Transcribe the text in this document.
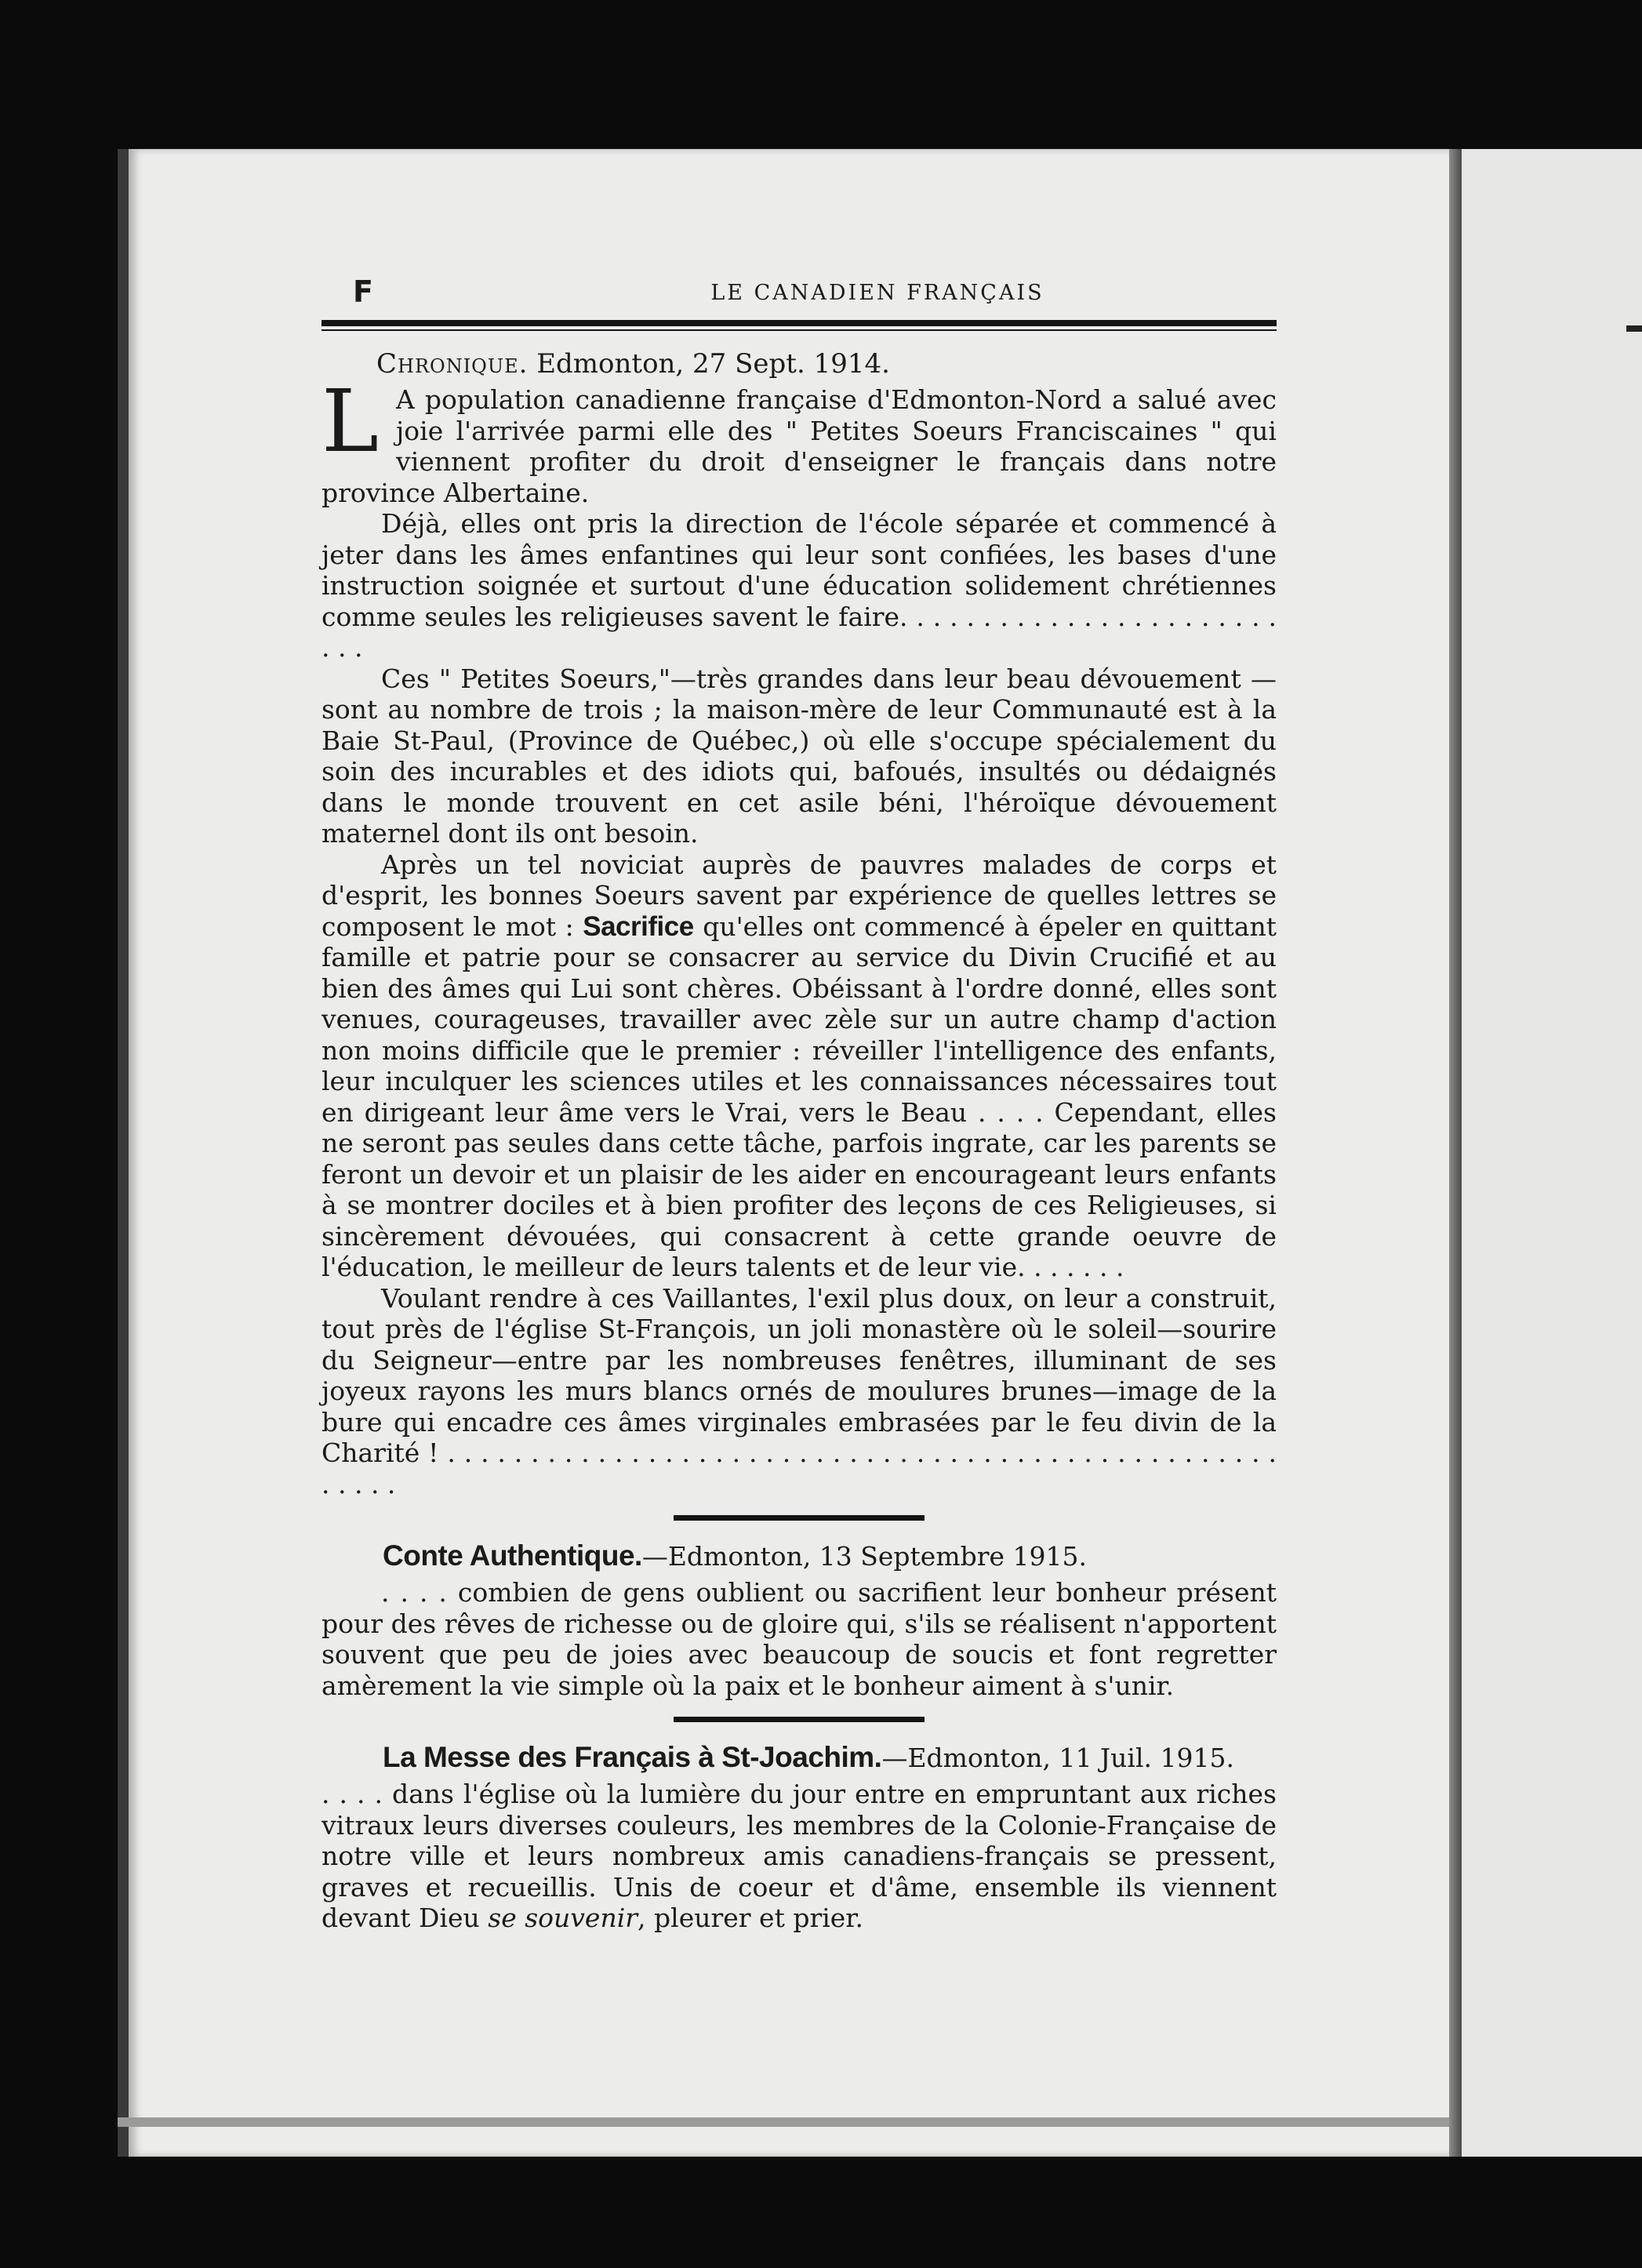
F	LE CANADIEN FRANÇAIS
Chronique. Edmonton, 27 Sept. 1914.

L A population canadienne française d'Edmonton-Nord a salué avec joie l'arrivée parmi elle des " Petites Soeurs Franciscaines " qui viennent profiter du droit d'enseigner le français dans notre province Albertaine.

Déjà, elles ont pris la direction de l'école séparée et commencé à jeter dans les âmes enfantines qui leur sont confiées, les bases d'une instruction soignée et surtout d'une éducation solidement chrétiennes comme seules les religieuses savent le faire. . . . . . . . . . . . . . . . . . . . . . . . . .

Ces " Petites Soeurs,"—très grandes dans leur beau dévouement —sont au nombre de trois ; la maison-mère de leur Communauté est à la Baie St-Paul, (Province de Québec,) où elle s'occupe spécialement du soin des incurables et des idiots qui, bafoués, insultés ou dédaignés dans le monde trouvent en cet asile béni, l'héroïque dévouement maternel dont ils ont besoin.

Après un tel noviciat auprès de pauvres malades de corps et d'esprit, les bonnes Soeurs savent par expérience de quelles lettres se composent le mot : Sacrifice qu'elles ont commencé à épeler en quittant famille et patrie pour se consacrer au service du Divin Crucifié et au bien des âmes qui Lui sont chères. Obéissant à l'ordre donné, elles sont venues, courageuses, travailler avec zèle sur un autre champ d'action non moins difficile que le premier : réveiller l'intelligence des enfants, leur inculquer les sciences utiles et les connaissances nécessaires tout en dirigeant leur âme vers le Vrai, vers le Beau . . . . Cependant, elles ne seront pas seules dans cette tâche, parfois ingrate, car les parents se feront un devoir et un plaisir de les aider en encourageant leurs enfants à se montrer dociles et à bien profiter des leçons de ces Religieuses, si sincèrement dévouées, qui consacrent à cette grande oeuvre de l'éducation, le meilleur de leurs talents et de leur vie. . . . . . .

Voulant rendre à ces Vaillantes, l'exil plus doux, on leur a construit, tout près de l'église St-François, un joli monastère où le soleil—sourire du Seigneur—entre par les nombreuses fenêtres, illuminant de ses joyeux rayons les murs blancs ornés de moulures brunes—image de la bure qui encadre ces âmes virginales embrasées par le feu divin de la Charité ! . . . . . . . . . . . . . . . . . . . . . . . . . . . . . . . . . . . . . . . . . . . . . . . . . . . . . . .

Conte Authentique.—Edmonton, 13 Septembre 1915.

. . . . combien de gens oublient ou sacrifient leur bonheur présent pour des rêves de richesse ou de gloire qui, s'ils se réalisent n'apportent souvent que peu de joies avec beaucoup de soucis et font regretter amèrement la vie simple où la paix et le bonheur aiment à s'unir.

La Messe des Français à St-Joachim.—Edmonton, 11 Juil. 1915.

. . . . dans l'église où la lumière du jour entre en empruntant aux riches vitraux leurs diverses couleurs, les membres de la Colonie-Française de notre ville et leurs nombreux amis canadiens-français se pressent, graves et recueillis. Unis de coeur et d'âme, ensemble ils viennent devant Dieu se souvenir, pleurer et prier.
